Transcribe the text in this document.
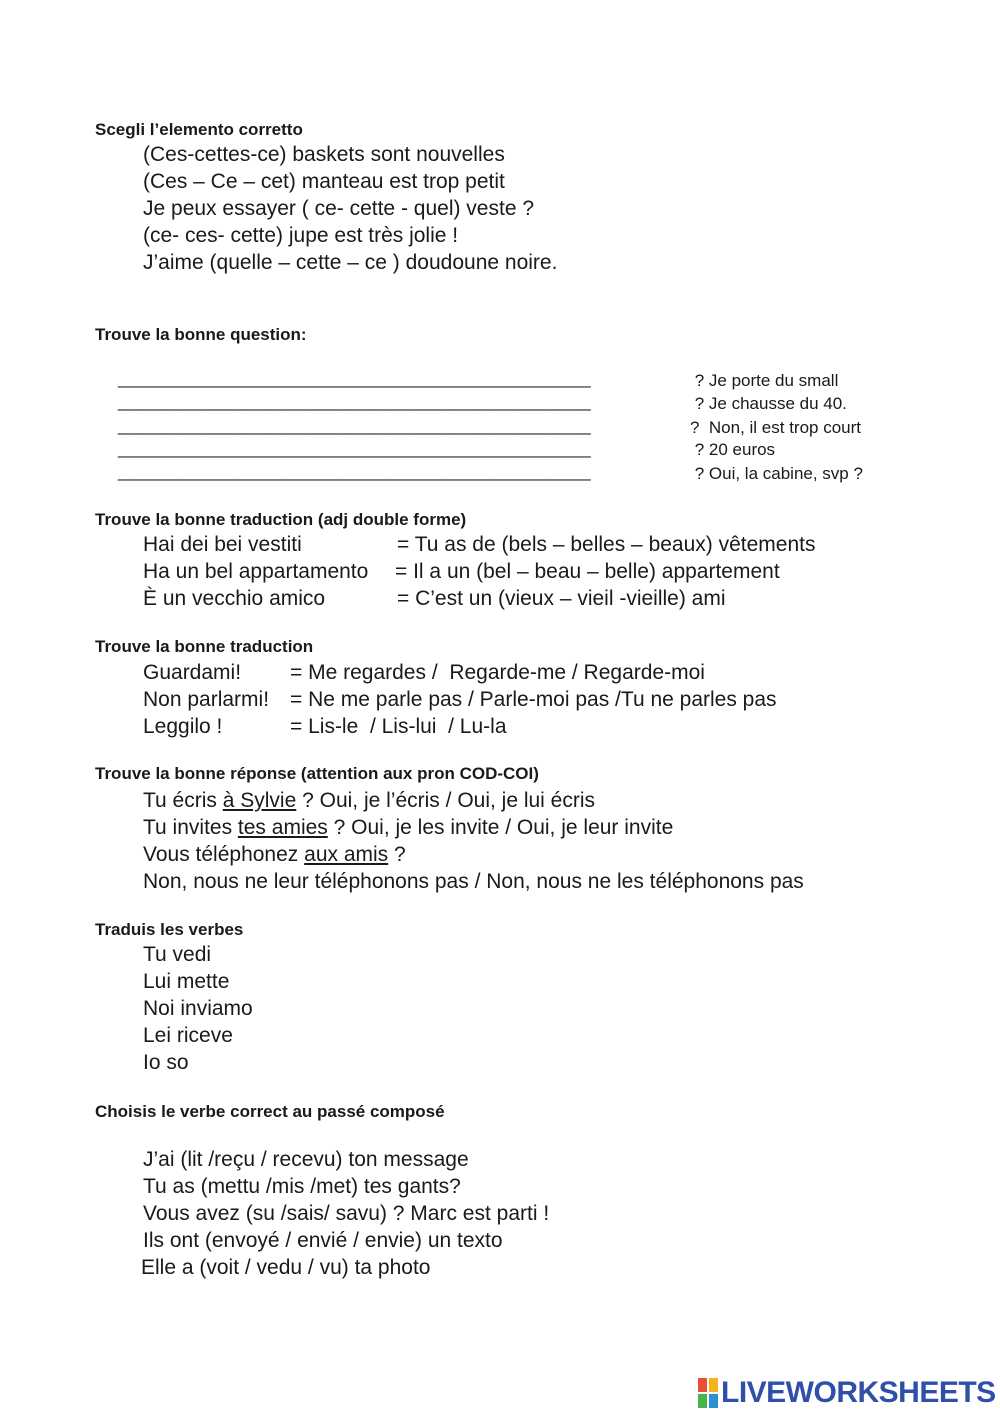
Scegli l’elemento corretto
(Ces-cettes-ce) baskets sont nouvelles
(Ces – Ce – cet) manteau est trop petit
Je peux essayer ( ce- cette - quel) veste ?
(ce- ces- cette) jupe est très jolie !
J’aime (quelle – cette – ce ) doudoune noire.
Trouve la bonne question:
__________________________________________________	? Je porte du small
__________________________________________________	? Je chausse du 40.
__________________________________________________	?  Non, il est trop court
__________________________________________________	? 20 euros
__________________________________________________	? Oui, la cabine, svp ?
Trouve la bonne traduction (adj double forme)
Hai dei bei vestiti	= Tu as de (bels – belles – beaux) vêtements
Ha un bel appartamento = Il a un (bel – beau – belle) appartement
È un vecchio amico	= C’est un (vieux – vieil -vieille) ami
Trouve la bonne traduction
Guardami! = Me regardes /  Regarde-me / Regarde-moi
Non parlarmi! = Ne me parle pas / Parle-moi pas /Tu ne parles pas
Leggilo !	= Lis-le  / Lis-lui  / Lu-la
Trouve la bonne réponse (attention aux pron COD-COI)
Tu écris à Sylvie ? Oui, je l’écris / Oui, je lui écris
Tu invites tes amies ? Oui, je les invite / Oui, je leur invite
Vous téléphonez aux amis ?
Non, nous ne leur téléphonons pas / Non, nous ne les téléphonons pas
Traduis les verbes
Tu vedi
Lui mette
Noi inviamo
Lei riceve
Io so
Choisis le verbe correct au passé composé
J’ai (lit /reçu / recevu) ton message
Tu as (mettu /mis /met) tes gants?
Vous avez (su /sais/ savu) ? Marc est parti !
Ils ont (envoyé / envié / envie) un texto
Elle a (voit / vedu / vu) ta photo
LIVEWORKSHEETS
